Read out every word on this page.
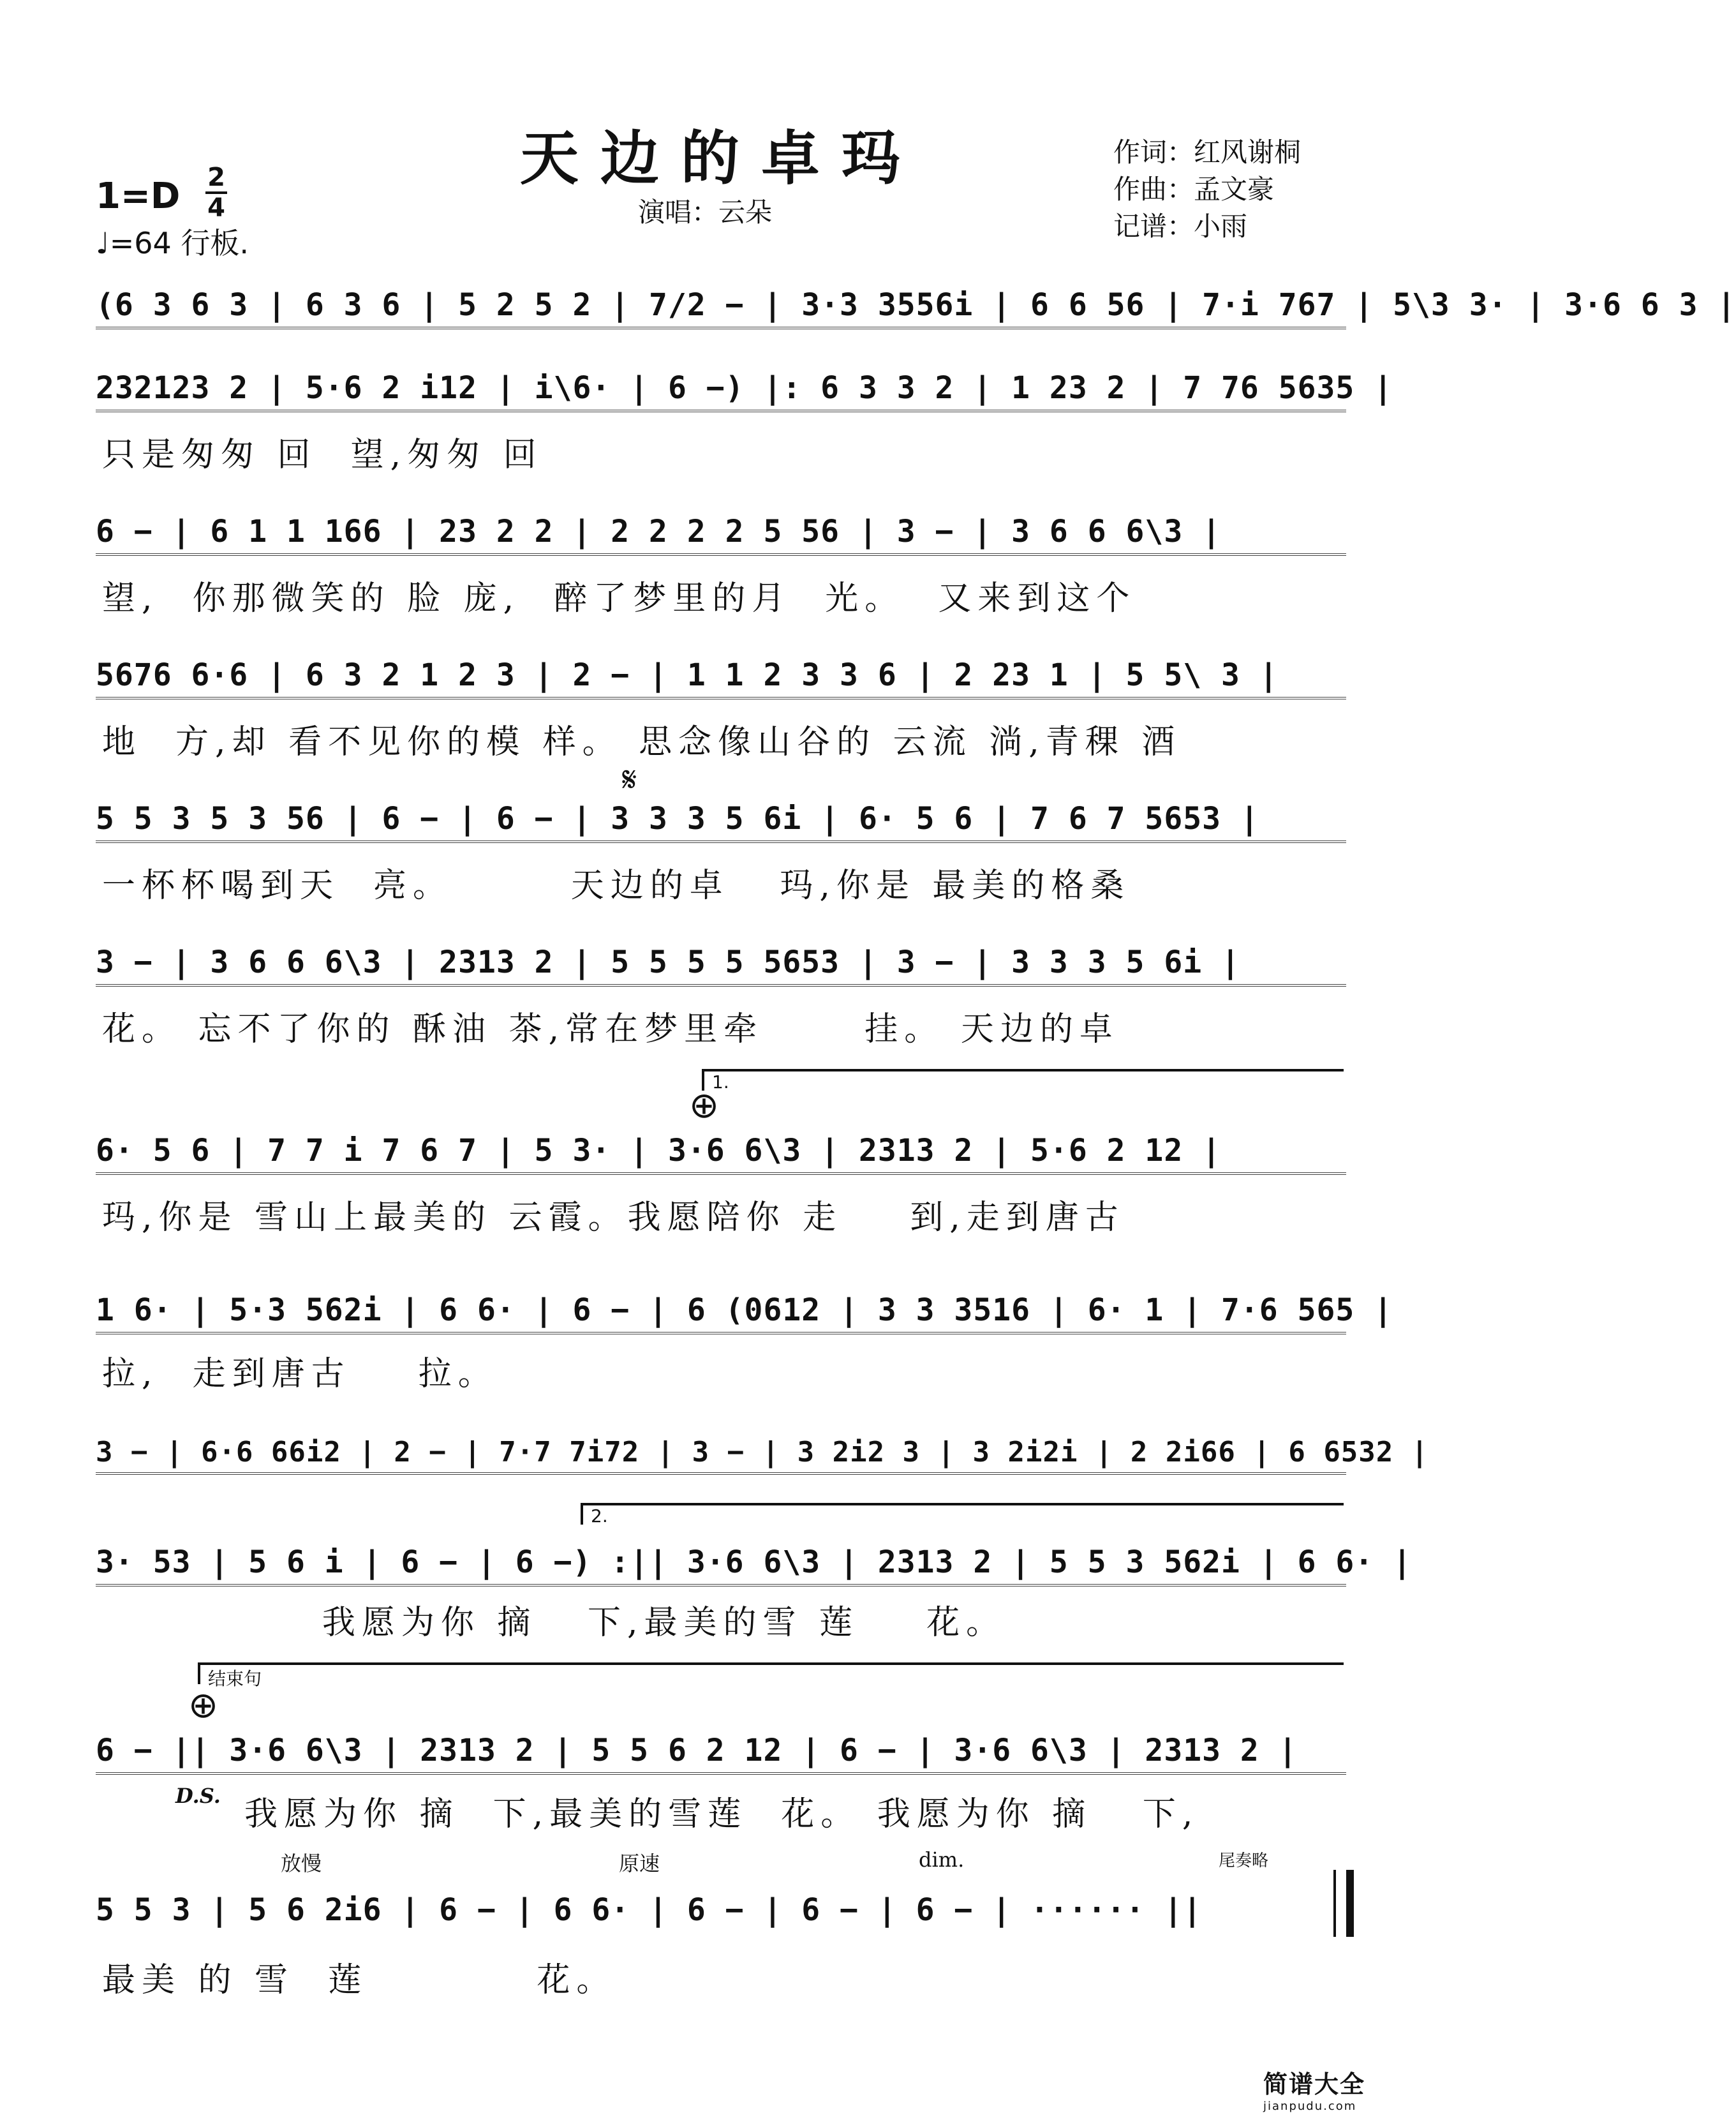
天边的卓玛	作词：红风谢桐
作曲：孟文豪
记谱：小雨
演唱：云朵
1=D 2
4
♩=64 行板.
(6 3 6 3 | 6 3 6 | 5 2 5 2 | 7/2 − | 3·3 3556i | 6 6 56 | 7·i 767 | 5\3 3· | 3·6 6 3 |
232123 2 | 5·6 2 i12 | i\6· | 6 −) |: 6 3 3 2 | 1 23 2 | 7 76 5635 |
只是匆匆 回  望,匆匆 回
6 − | 6 1 1 166 | 23 2 2 | 2 2 2 2 5 56 | 3 − | 3 6 6 6\3 |
望,  你那微笑的 脸 庞,  醉了梦里的月  光。  又来到这个
5676 6·6 | 6 3 2 1 2 3 | 2 − | 1 1 2 3 3 6 | 2 23 1 | 5 5\ 3 |
地  方,却 看不见你的模 样。 思念像山谷的 云流 淌,青稞 酒
5 5 3 5 3 56 | 6 − | 6 − | 3 3 3 5 6i | 6· 5 6 | 7 6 7 5653 |
𝄋
一杯杯喝到天  亮。       天边的卓   玛,你是 最美的格桑
3 − | 3 6 6 6\3 | 2313 2 | 5 5 5 5 5653 | 3 − | 3 3 3 5 6i |
花。 忘不了你的 酥油 茶,常在梦里牵      挂。 天边的卓
1.
⊕
6· 5 6 | 7 7 i 7 6 7 | 5 3· | 3·6 6\3 | 2313 2 | 5·6 2 12 |
玛,你是 雪山上最美的 云霞。我愿陪你 走    到,走到唐古
1 6· | 5·3 562i | 6 6· | 6 − | 6 (0612 | 3 3 3516 | 6· 1 | 7·6 565 |
拉,  走到唐古    拉。
3 − | 6·6 66i2 | 2 − | 7·7 7i72 | 3 − | 3 2i2 3 | 3 2i2i | 2 2i66 | 6 6532 |
2.
3· 53 | 5 6 i | 6 − | 6 −) :|| 3·6 6\3 | 2313 2 | 5 5 3 562i | 6 6· |
我愿为你 摘   下,最美的雪 莲    花。
结束句
⊕
6 − || 3·6 6\3 | 2313 2 | 5 5 6 2 12 | 6 − | 3·6 6\3 | 2313 2 |
D.S.
我愿为你 摘  下,最美的雪莲  花。 我愿为你 摘   下,
放慢	原速	dim.	尾奏略
5 5 3 | 5 6 2i6 | 6 − | 6 6· | 6 − | 6 − | 6 − | ······ ||
最美 的 雪  莲          花。
简谱大全
jianpudu.com
